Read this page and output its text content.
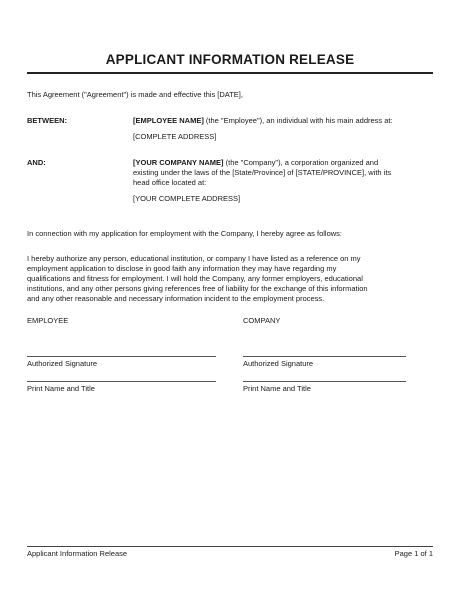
APPLICANT INFORMATION RELEASE
This Agreement ("Agreement") is made and effective this [DATE],
BETWEEN:	[EMPLOYEE NAME] (the "Employee"), an individual with his main address at:
[COMPLETE ADDRESS]
AND:	[YOUR COMPANY NAME] (the "Company"), a corporation organized and
existing under the laws of the [State/Province] of [STATE/PROVINCE], with its
head office located at:
[YOUR COMPLETE ADDRESS]
In connection with my application for employment with the Company, I hereby agree as follows:
I hereby authorize any person, educational institution, or company I have listed as a reference on my
employment application to disclose in good faith any information they may have regarding my
qualifications and fitness for employment. I will hold the Company, any former employers, educational
institutions, and any other persons giving references free of liability for the exchange of this information
and any other reasonable and necessary information incident to the employment process.
EMPLOYEE	COMPANY
Authorized Signature	Authorized Signature
Print Name and Title	Print Name and Title
Applicant Information Release	Page 1 of 1
